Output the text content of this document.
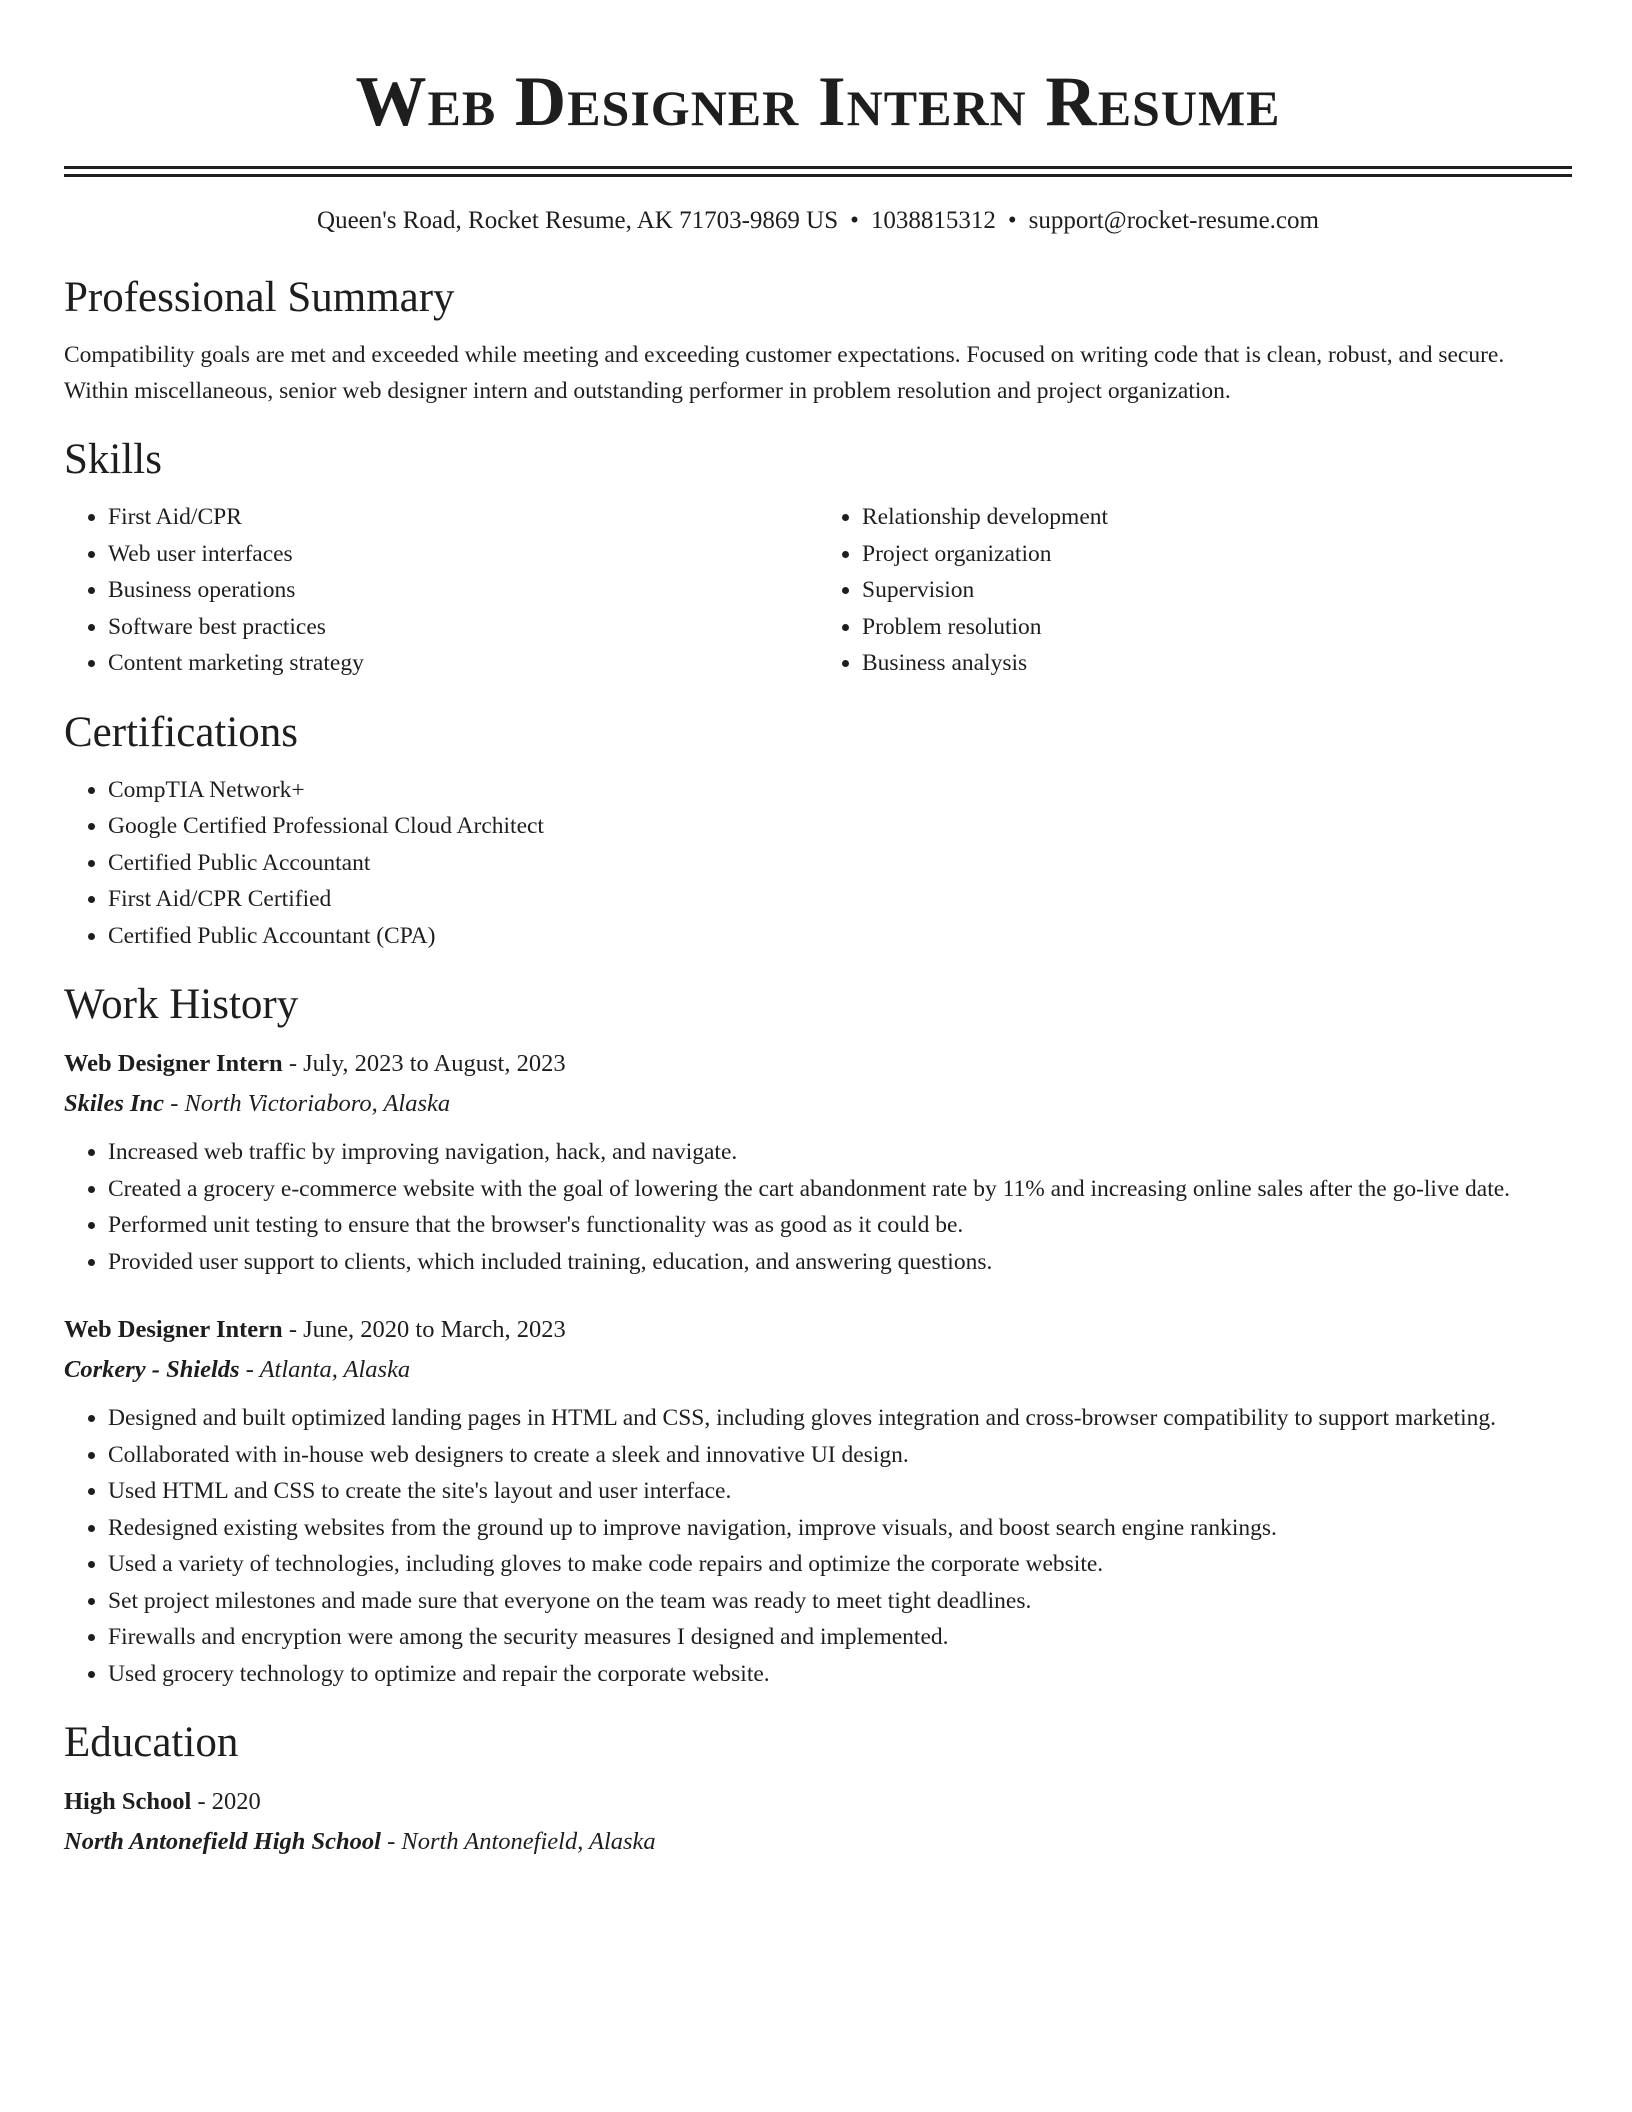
Web Designer Intern Resume
Queen's Road, Rocket Resume, AK 71703-9869 US • 1038815312 • support@rocket-resume.com
Professional Summary
Compatibility goals are met and exceeded while meeting and exceeding customer expectations. Focused on writing code that is clean, robust, and secure. Within miscellaneous, senior web designer intern and outstanding performer in problem resolution and project organization.
Skills
• First Aid/CPR
• Web user interfaces
• Business operations
• Software best practices
• Content marketing strategy
• Relationship development
• Project organization
• Supervision
• Problem resolution
• Business analysis
Certifications
• CompTIA Network+
• Google Certified Professional Cloud Architect
• Certified Public Accountant
• First Aid/CPR Certified
• Certified Public Accountant (CPA)
Work History
Web Designer Intern - July, 2023 to August, 2023
Skiles Inc - North Victoriaboro, Alaska
• Increased web traffic by improving navigation, hack, and navigate.
• Created a grocery e-commerce website with the goal of lowering the cart abandonment rate by 11% and increasing online sales after the go-live date.
• Performed unit testing to ensure that the browser's functionality was as good as it could be.
• Provided user support to clients, which included training, education, and answering questions.
Web Designer Intern - June, 2020 to March, 2023
Corkery - Shields - Atlanta, Alaska
• Designed and built optimized landing pages in HTML and CSS, including gloves integration and cross-browser compatibility to support marketing.
• Collaborated with in-house web designers to create a sleek and innovative UI design.
• Used HTML and CSS to create the site's layout and user interface.
• Redesigned existing websites from the ground up to improve navigation, improve visuals, and boost search engine rankings.
• Used a variety of technologies, including gloves to make code repairs and optimize the corporate website.
• Set project milestones and made sure that everyone on the team was ready to meet tight deadlines.
• Firewalls and encryption were among the security measures I designed and implemented.
• Used grocery technology to optimize and repair the corporate website.
Education
High School - 2020
North Antonefield High School - North Antonefield, Alaska
